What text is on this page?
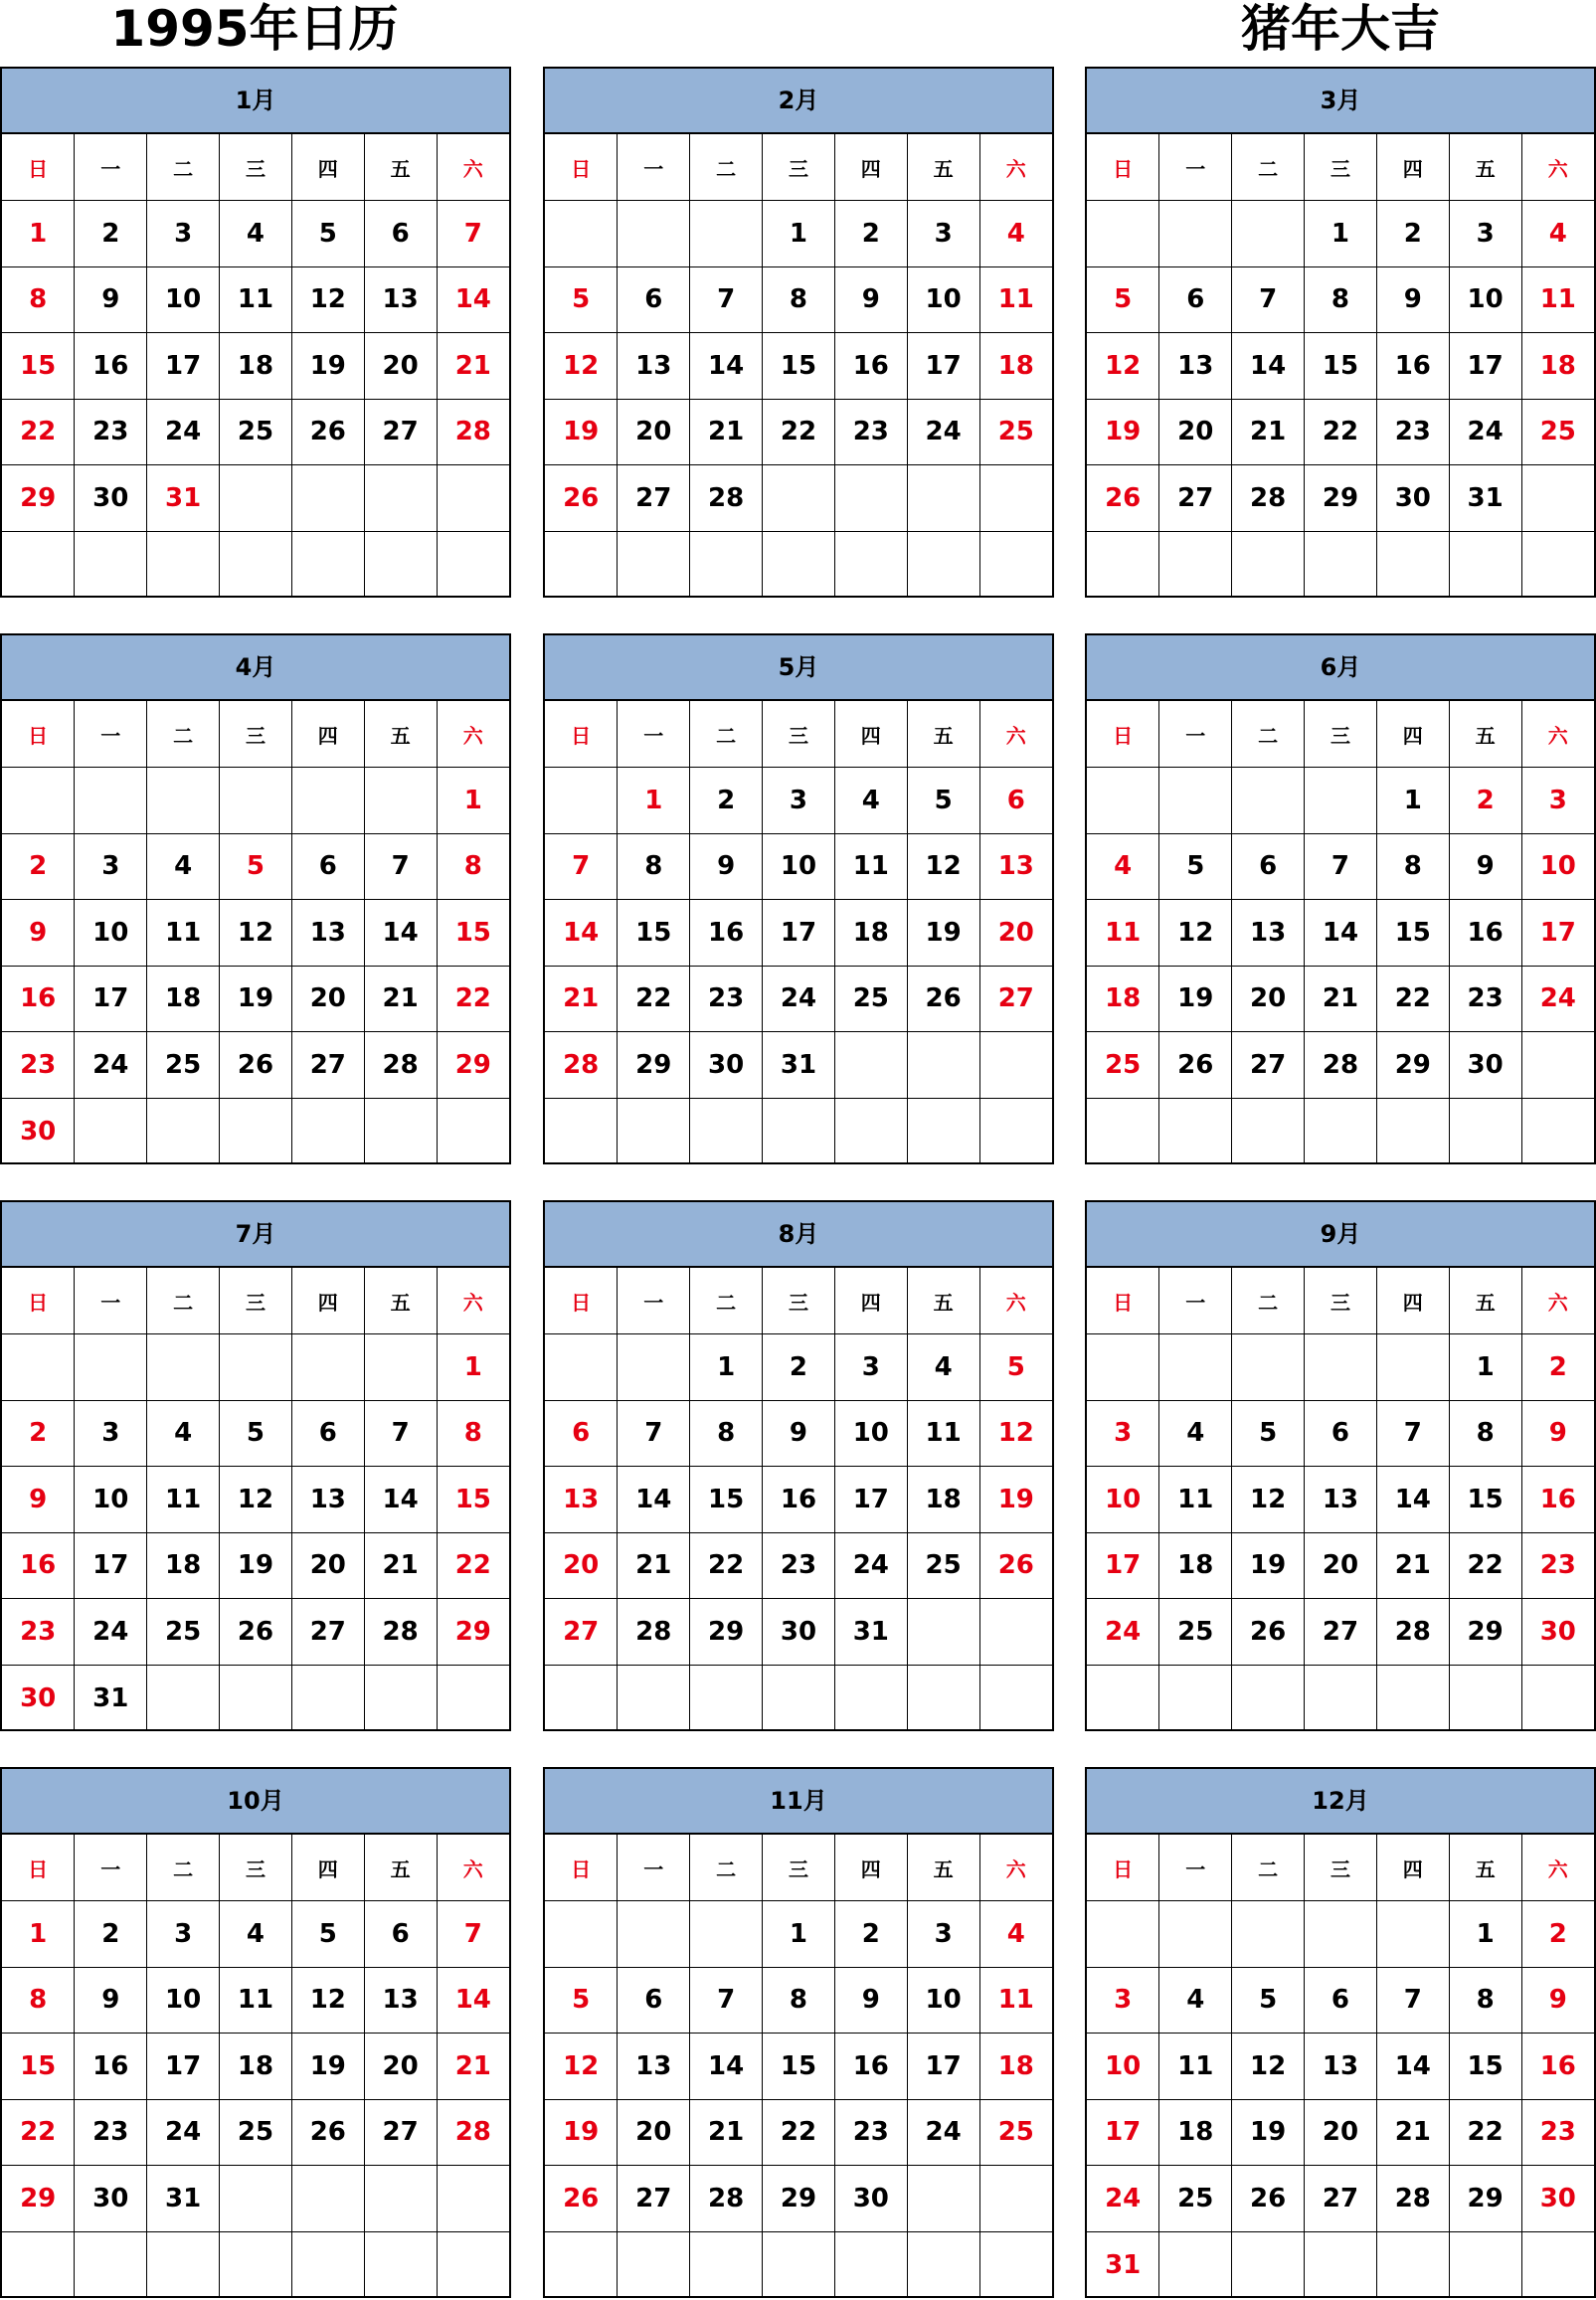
1995年日历	猪年大吉
1月
日	一	二	三	四	五	六
1	2	3	4	5	6	7
8	9	10	11	12	13	14
15	16	17	18	19	20	21
22	23	24	25	26	27	28
29	30	31				

2月
日	一	二	三	四	五	六
			1	2	3	4
5	6	7	8	9	10	11
12	13	14	15	16	17	18
19	20	21	22	23	24	25
26	27	28				

3月
日	一	二	三	四	五	六
			1	2	3	4
5	6	7	8	9	10	11
12	13	14	15	16	17	18
19	20	21	22	23	24	25
26	27	28	29	30	31	

4月
日	一	二	三	四	五	六
						1
2	3	4	5	6	7	8
9	10	11	12	13	14	15
16	17	18	19	20	21	22
23	24	25	26	27	28	29
30						
5月
日	一	二	三	四	五	六
	1	2	3	4	5	6
7	8	9	10	11	12	13
14	15	16	17	18	19	20
21	22	23	24	25	26	27
28	29	30	31			

6月
日	一	二	三	四	五	六
				1	2	3
4	5	6	7	8	9	10
11	12	13	14	15	16	17
18	19	20	21	22	23	24
25	26	27	28	29	30	

7月
日	一	二	三	四	五	六
						1
2	3	4	5	6	7	8
9	10	11	12	13	14	15
16	17	18	19	20	21	22
23	24	25	26	27	28	29
30	31					
8月
日	一	二	三	四	五	六
		1	2	3	4	5
6	7	8	9	10	11	12
13	14	15	16	17	18	19
20	21	22	23	24	25	26
27	28	29	30	31		

9月
日	一	二	三	四	五	六
					1	2
3	4	5	6	7	8	9
10	11	12	13	14	15	16
17	18	19	20	21	22	23
24	25	26	27	28	29	30

10月
日	一	二	三	四	五	六
1	2	3	4	5	6	7
8	9	10	11	12	13	14
15	16	17	18	19	20	21
22	23	24	25	26	27	28
29	30	31				

11月
日	一	二	三	四	五	六
			1	2	3	4
5	6	7	8	9	10	11
12	13	14	15	16	17	18
19	20	21	22	23	24	25
26	27	28	29	30		

12月
日	一	二	三	四	五	六
					1	2
3	4	5	6	7	8	9
10	11	12	13	14	15	16
17	18	19	20	21	22	23
24	25	26	27	28	29	30
31						
